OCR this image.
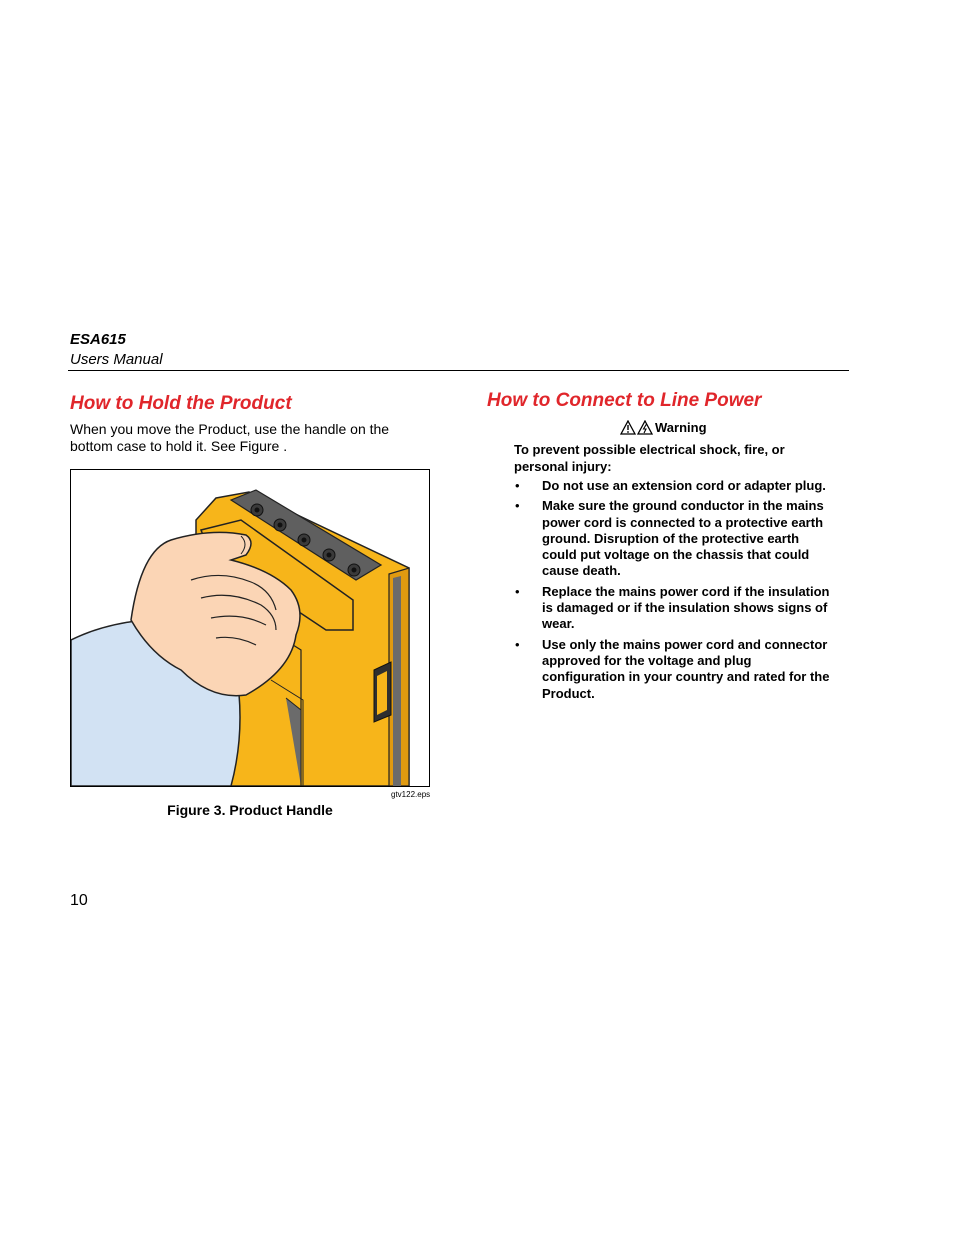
ESA615
Users Manual
How to Hold the Product
When you move the Product, use the handle on the bottom case to hold it. See Figure .
gtv122.eps
Figure 3. Product Handle
How to Connect to Line Power
Warning
To prevent possible electrical shock, fire, or personal injury:
• Do not use an extension cord or adapter plug.
• Make sure the ground conductor in the mains power cord is connected to a protective earth ground. Disruption of the protective earth could put voltage on the chassis that could cause death.
• Replace the mains power cord if the insulation is damaged or if the insulation shows signs of wear.
• Use only the mains power cord and connector approved for the voltage and plug configuration in your country and rated for the Product.
10
